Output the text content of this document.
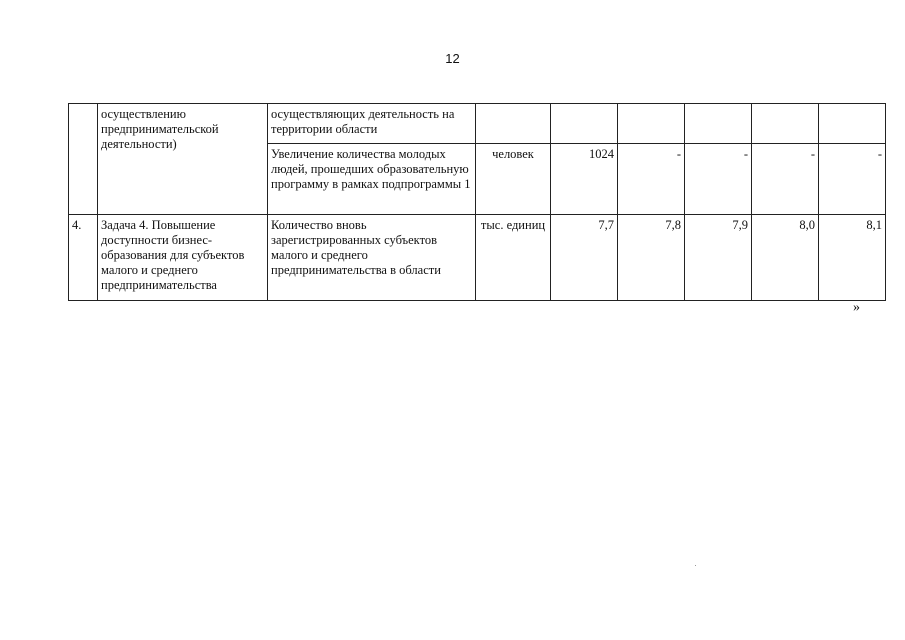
12
	осуществлению предпринимательской деятельности)	осуществляющих деятельность на территории области						
		Увеличение количества молодых людей, прошедших образовательную программу в рамках подпрограммы 1	человек	1024	-	-	-	-
4.	Задача 4. Повышение доступности бизнес-образования для субъектов малого и среднего предпринимательства	Количество вновь зарегистрированных субъектов малого и среднего предпринимательства в области	тыс. единиц	7,7	7,8	7,9	8,0	8,1
»
